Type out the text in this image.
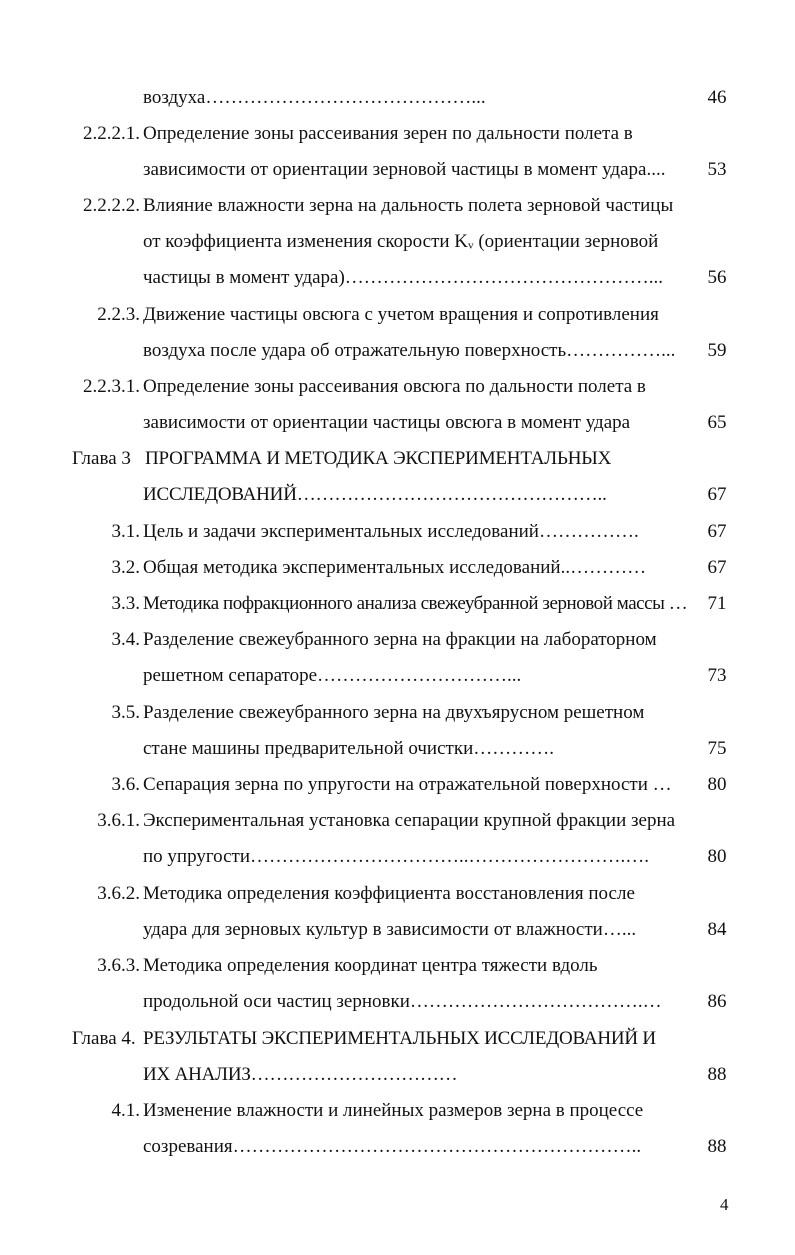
воздуха……………………………………...	46
2.2.2.1. Определение зоны рассеивания зерен по дальности полета в
зависимости от ориентации зерновой частицы в момент удара.... 53
2.2.2.2. Влияние влажности зерна на дальность полета зерновой частицы
от коэффициента изменения скорости Kᵥ (ориентации зерновой
частицы в момент удара)…………………………………………... 56
2.2.3. Движение частицы овсюга с учетом вращения и сопротивления
воздуха после удара об отражательную поверхность……………... 59
2.2.3.1. Определение зоны рассеивания овсюга по дальности полета в
зависимости от ориентации частицы овсюга в момент удара	65
Глава 3 ПРОГРАММА И МЕТОДИКА ЭКСПЕРИМЕНТАЛЬНЫХ
ИССЛЕДОВАНИЙ…………………………………………..	67
3.1. Цель и задачи экспериментальных исследований…………….	67
3.2. Общая методика экспериментальных исследований..…………	67
3.3. Методика пофракционного анализа свежеубранной зерновой массы … 71
3.4. Разделение свежеубранного зерна на фракции на лабораторном
решетном сепараторе…………………………...	73
3.5. Разделение свежеубранного зерна на двухъярусном решетном
стане машины предварительной очистки………….	75
3.6. Сепарация зерна по упругости на отражательной поверхности … 80
3.6.1. Экспериментальная установка сепарации крупной фракции зерна
по упругости……………………………..…………………….….	80
3.6.2. Методика определения коэффициента восстановления после
удара для зерновых культур в зависимости от влажности…...	84
3.6.3. Методика определения координат центра тяжести вдоль
продольной оси частиц зерновки……………………………….… 86
Глава 4. РЕЗУЛЬТАТЫ ЭКСПЕРИМЕНТАЛЬНЫХ ИССЛЕДОВАНИЙ И
ИХ АНАЛИЗ……………………………	88
4.1. Изменение влажности и линейных размеров зерна в процессе
созревания………………………………………………………..	88
4
